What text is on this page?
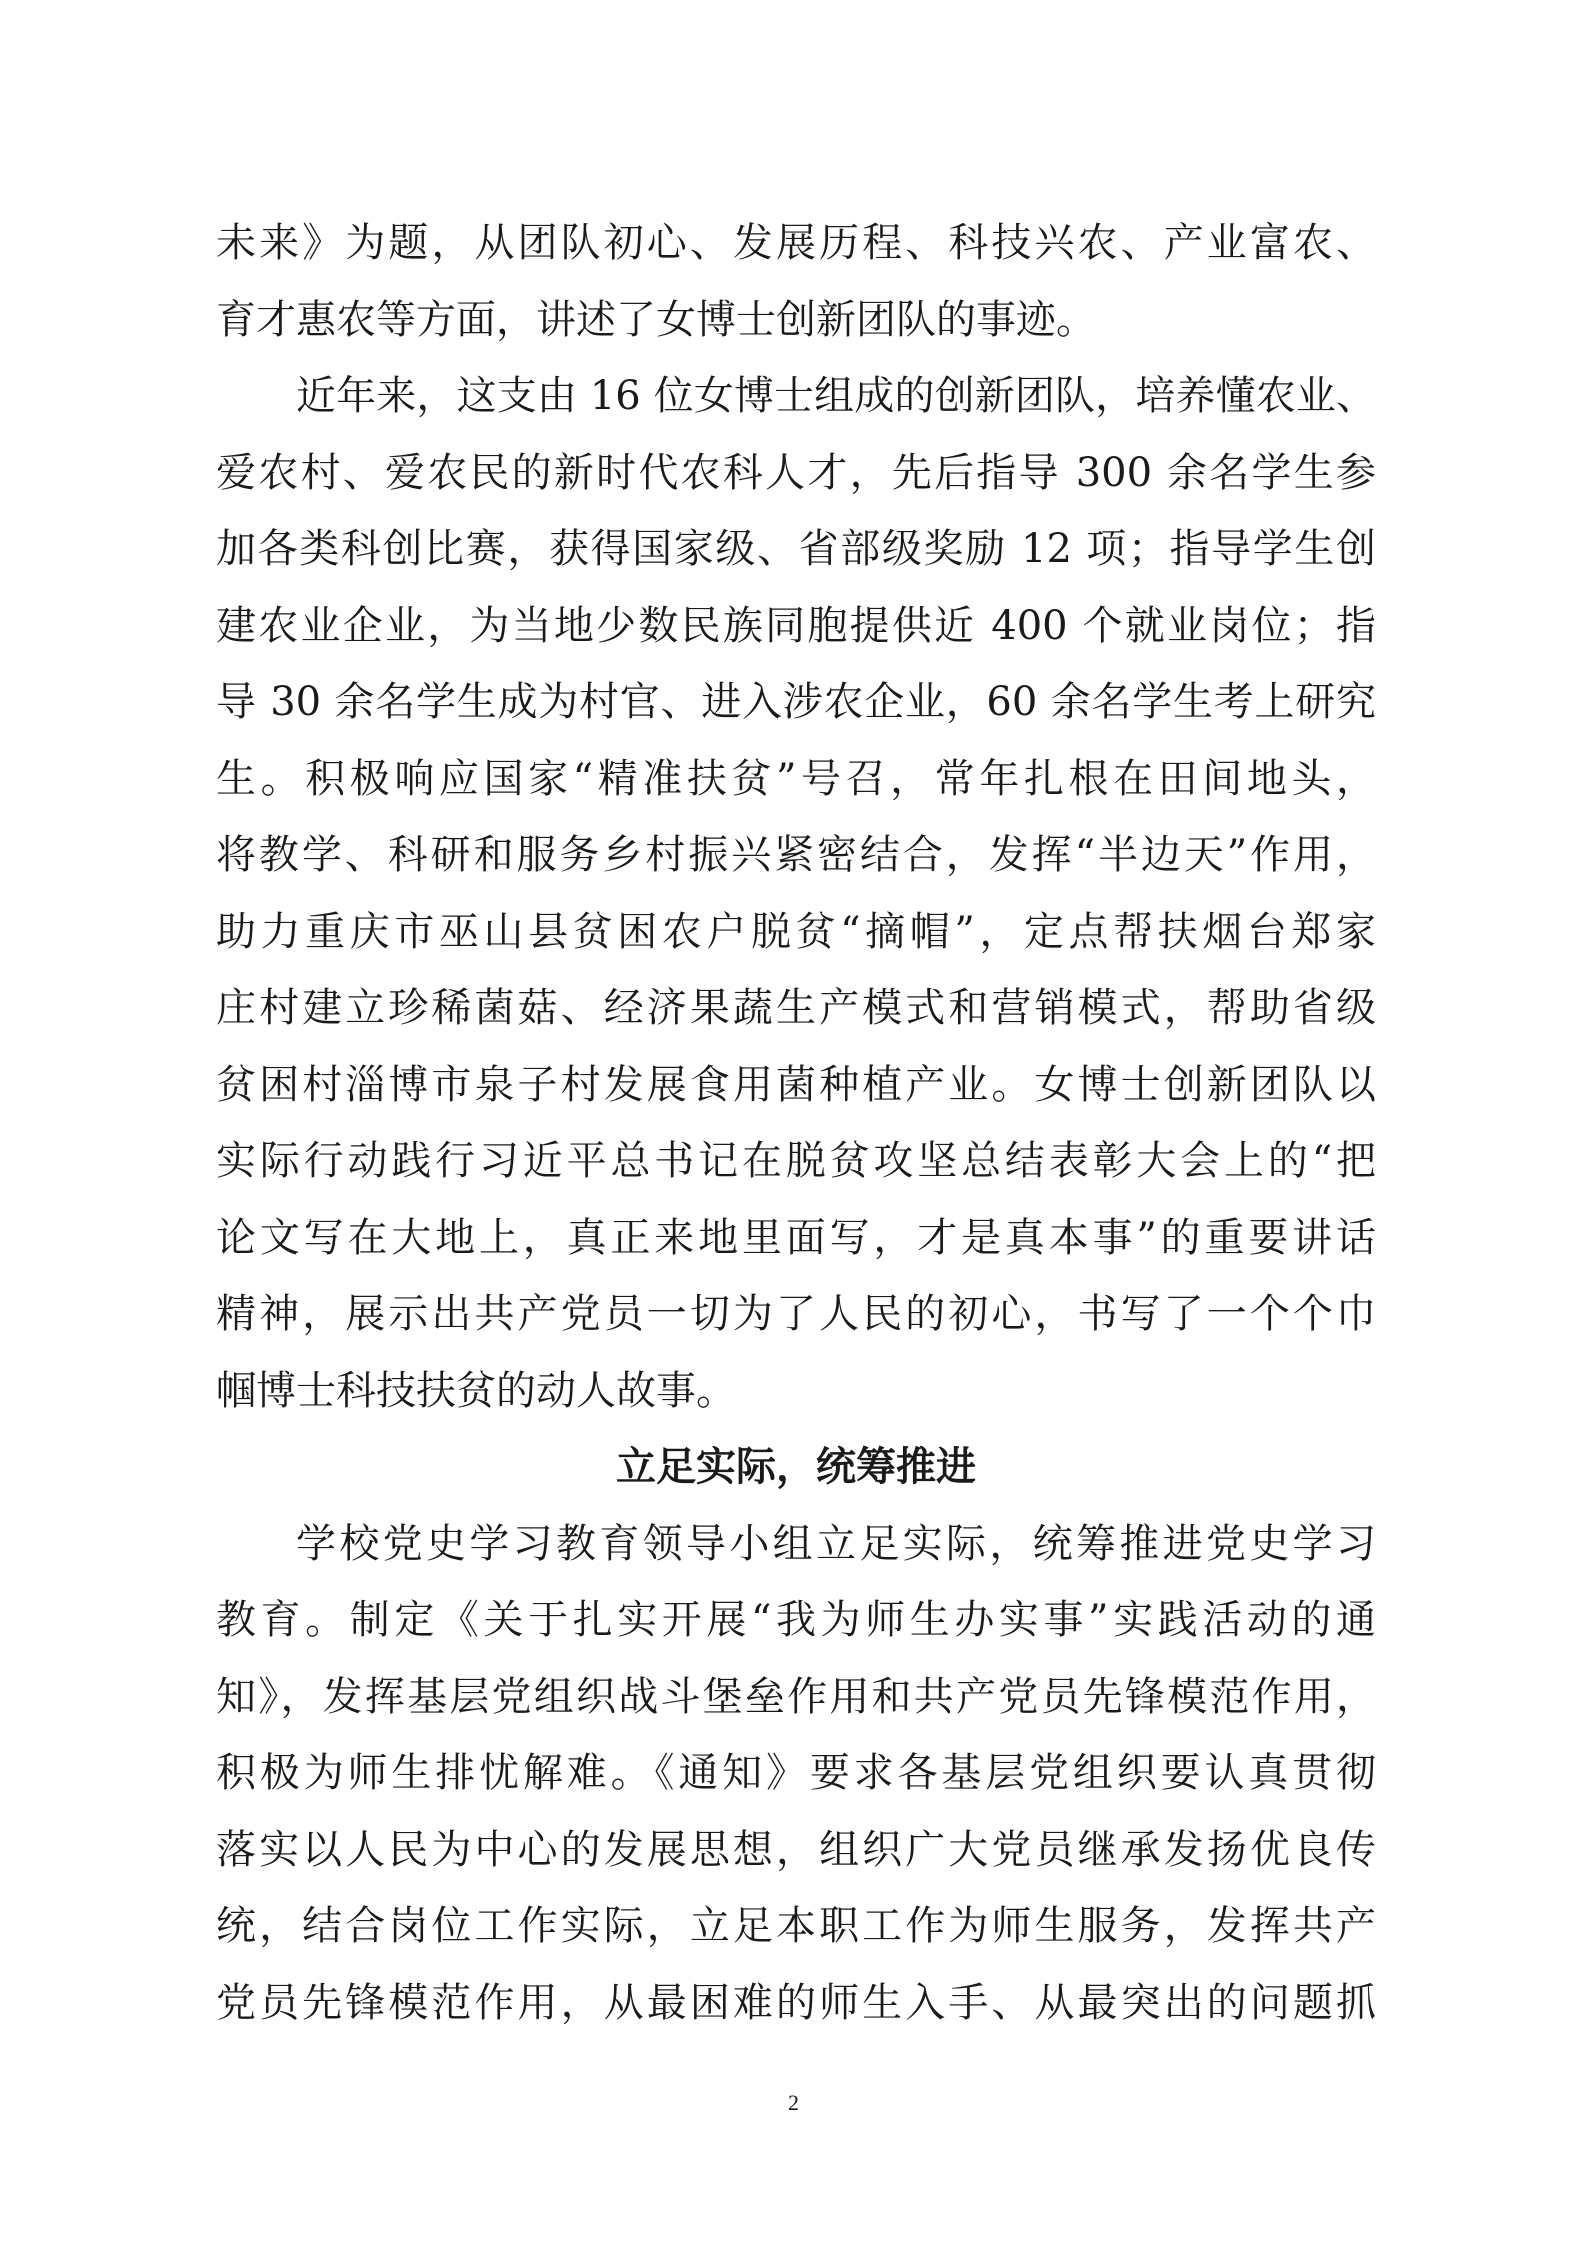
未来》为题，从团队初心、发展历程、科技兴农、产业富农、
育才惠农等方面，讲述了女博士创新团队的事迹。
近年来，这支由 16 位女博士组成的创新团队，培养懂农业、
爱农村、爱农民的新时代农科人才，先后指导 300 余名学生参
加各类科创比赛，获得国家级、省部级奖励 12 项；指导学生创
建农业企业，为当地少数民族同胞提供近 400 个就业岗位；指
导 30 余名学生成为村官、进入涉农企业，60 余名学生考上研究
生。积极响应国家“精准扶贫”号召，常年扎根在田间地头，
将教学、科研和服务乡村振兴紧密结合，发挥“半边天”作用，
助力重庆市巫山县贫困农户脱贫“摘帽”，定点帮扶烟台郑家
庄村建立珍稀菌菇、经济果蔬生产模式和营销模式，帮助省级
贫困村淄博市泉子村发展食用菌种植产业。女博士创新团队以
实际行动践行习近平总书记在脱贫攻坚总结表彰大会上的“把
论文写在大地上，真正来地里面写，才是真本事”的重要讲话
精神，展示出共产党员一切为了人民的初心，书写了一个个巾
帼博士科技扶贫的动人故事。
立足实际，统筹推进
学校党史学习教育领导小组立足实际，统筹推进党史学习
教育。制定《关于扎实开展“我为师生办实事”实践活动的通
知》，发挥基层党组织战斗堡垒作用和共产党员先锋模范作用，
积极为师生排忧解难。《通知》要求各基层党组织要认真贯彻
落实以人民为中心的发展思想，组织广大党员继承发扬优良传
统，结合岗位工作实际，立足本职工作为师生服务，发挥共产
党员先锋模范作用，从最困难的师生入手、从最突出的问题抓
2
